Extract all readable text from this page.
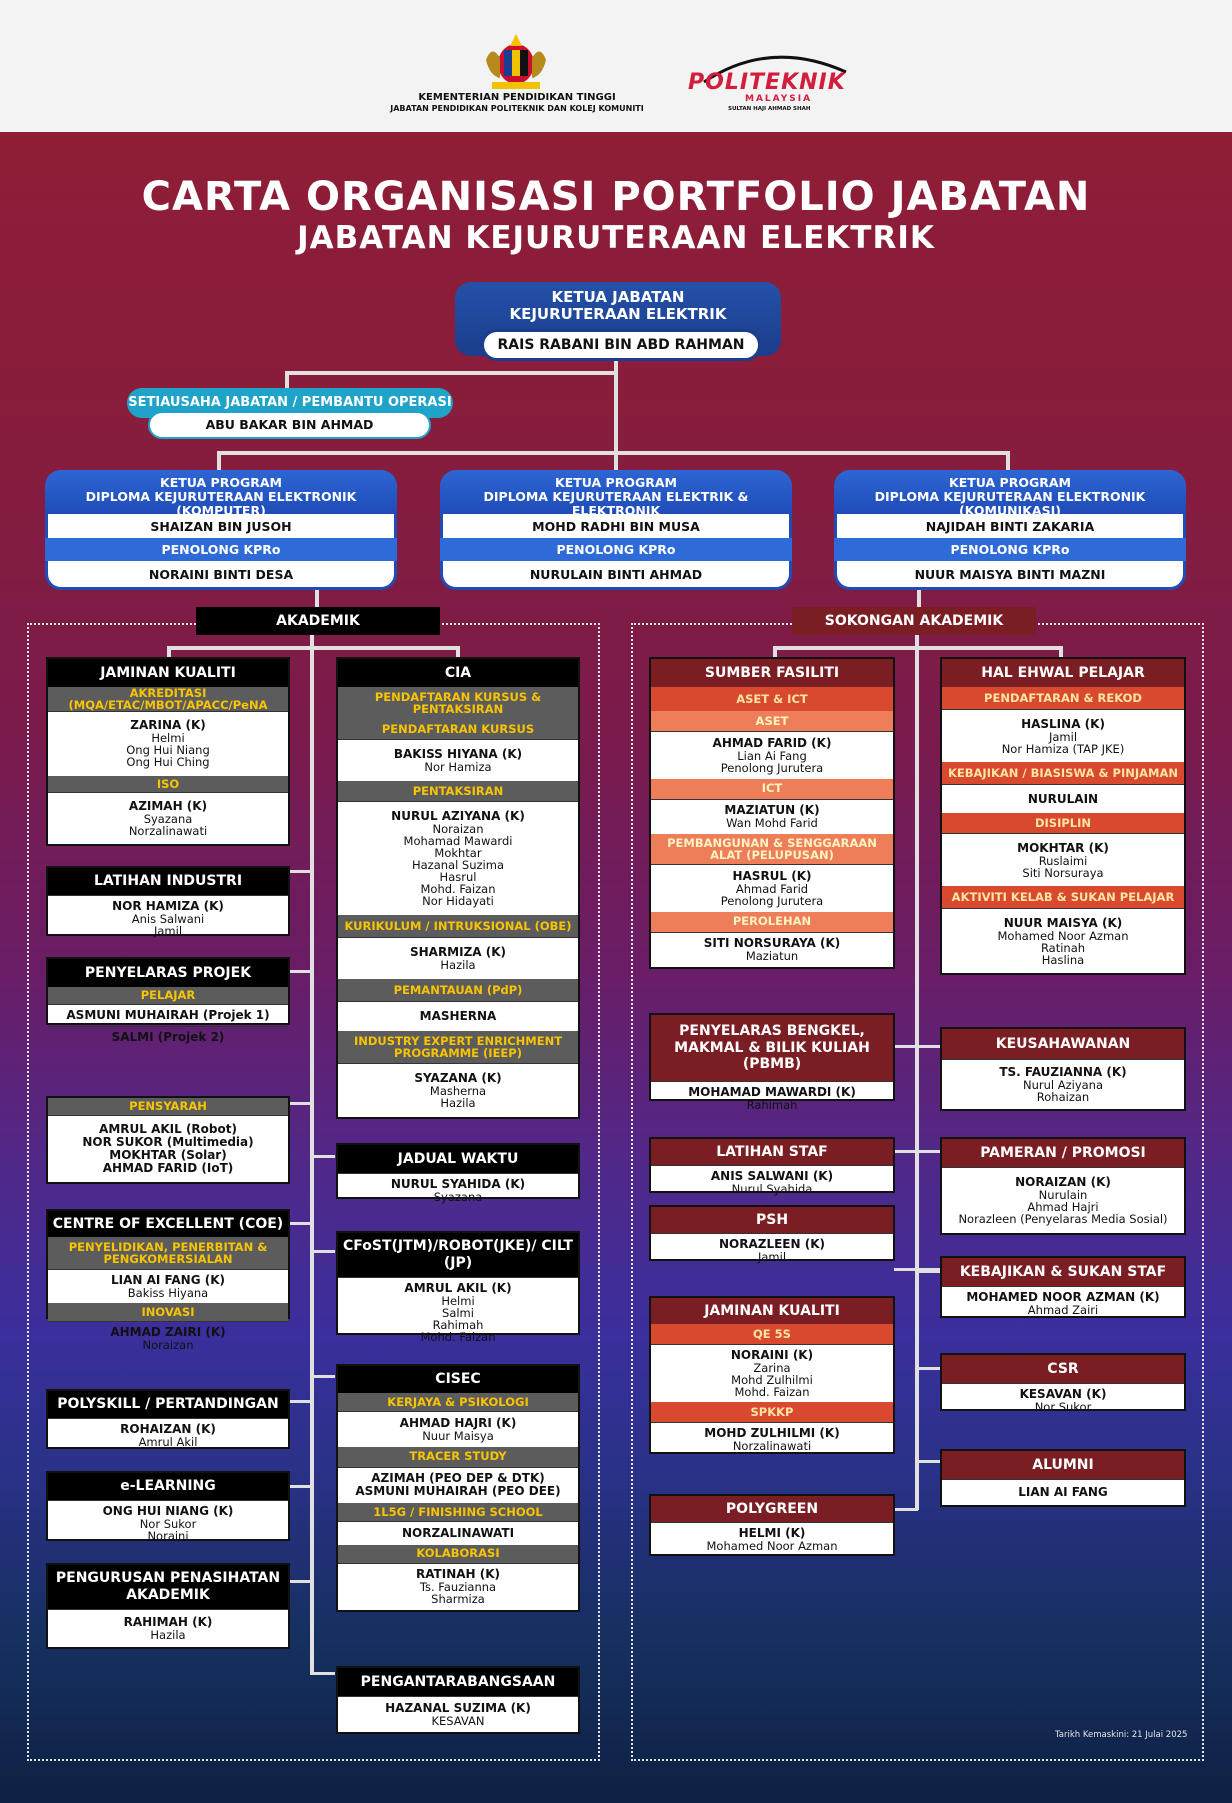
KEMENTERIAN PENDIDIKAN TINGGI
JABATAN PENDIDIKAN POLITEKNIK DAN KOLEJ KOMUNITI
POLITEKNIK
MALAYSIA
SULTAN HAJI AHMAD SHAH
CARTA ORGANISASI PORTFOLIO JABATAN
JABATAN KEJURUTERAAN ELEKTRIK
KETUA JABATAN
KEJURUTERAAN ELEKTRIK
RAIS RABANI BIN ABD RAHMAN
SETIAUSAHA JABATAN / PEMBANTU OPERASI
ABU BAKAR BIN AHMAD
KETUA PROGRAM
DIPLOMA KEJURUTERAAN ELEKTRONIK (KOMPUTER)
SHAIZAN BIN JUSOH
PENOLONG KPRo
NORAINI BINTI DESA
KETUA PROGRAM
DIPLOMA KEJURUTERAAN ELEKTRIK & ELEKTRONIK
MOHD RADHI BIN MUSA
PENOLONG KPRo
NURULAIN BINTI AHMAD
KETUA PROGRAM
DIPLOMA KEJURUTERAAN ELEKTRONIK (KOMUNIKASI)
NAJIDAH BINTI ZAKARIA
PENOLONG KPRo
NUUR MAISYA BINTI MAZNI
AKADEMIK	SOKONGAN AKADEMIK
JAMINAN KUALITI
AKREDITASI (MQA/ETAC/MBOT/APACC/PeNA
ZARINA (K)
Helmi
Ong Hui Niang
Ong Hui Ching
ISO
AZIMAH (K)
Syazana
Norzalinawati
LATIHAN INDUSTRI
NOR HAMIZA (K)
Anis Salwani
Jamil
PENYELARAS PROJEK
PELAJAR
ASMUNI MUHAIRAH (Projek 1)
SALMI (Projek 2)
PENSYARAH
AMRUL AKIL (Robot)
NOR SUKOR (Multimedia)
MOKHTAR (Solar)
AHMAD FARID (IoT)
CENTRE OF EXCELLENT (COE)
PENYELIDIKAN, PENERBITAN & PENGKOMERSIALAN
LIAN AI FANG (K)
Bakiss Hiyana
INOVASI
AHMAD ZAIRI (K)
Noraizan
POLYSKILL / PERTANDINGAN
ROHAIZAN (K)
Amrul Akil
e-LEARNING
ONG HUI NIANG (K)
Nor Sukor
Noraini
PENGURUSAN PENASIHATAN AKADEMIK
RAHIMAH (K)
Hazila
CIA
PENDAFTARAN KURSUS & PENTAKSIRAN
PENDAFTARAN KURSUS
BAKISS HIYANA (K)
Nor Hamiza
PENTAKSIRAN
NURUL AZIYANA (K)
Noraizan
Mohamad Mawardi
Mokhtar
Hazanal Suzima
Hasrul
Mohd. Faizan
Nor Hidayati
KURIKULUM / INTRUKSIONAL (OBE)
SHARMIZA (K)
Hazila
PEMANTAUAN (PdP)
MASHERNA
INDUSTRY EXPERT ENRICHMENT PROGRAMME (IEEP)
SYAZANA (K)
Masherna
Hazila
JADUAL WAKTU
NURUL SYAHIDA (K)
Syazana
CFoST(JTM)/ROBOT(JKE)/ CILT (JP)
AMRUL AKIL (K)
Helmi
Salmi
Rahimah
Mohd. Faizan
CISEC
KERJAYA & PSIKOLOGI
AHMAD HAJRI (K)
Nuur Maisya
TRACER STUDY
AZIMAH (PEO DEP & DTK)
ASMUNI MUHAIRAH (PEO DEE)
1L5G / FINISHING SCHOOL
NORZALINAWATI
KOLABORASI
RATINAH (K)
Ts. Fauzianna
Sharmiza
PENGANTARABANGSAAN
HAZANAL SUZIMA (K)
KESAVAN
SUMBER FASILITI
ASET & ICT
ASET
AHMAD FARID (K)
Lian Ai Fang
Penolong Jurutera
ICT
MAZIATUN (K)
Wan Mohd Farid
PEMBANGUNAN & SENGGARAAN ALAT (PELUPUSAN)
HASRUL (K)
Ahmad Farid
Penolong Jurutera
PEROLEHAN
SITI NORSURAYA (K)
Maziatun
PENYELARAS BENGKEL, MAKMAL & BILIK KULIAH (PBMB)
MOHAMAD MAWARDI (K)
Rahimah
LATIHAN STAF
ANIS SALWANI (K)
Nurul Syahida
PSH
NORAZLEEN (K)
Jamil
JAMINAN KUALITI
QE 5S
NORAINI (K)
Zarina
Mohd Zulhilmi
Mohd. Faizan
SPKKP
MOHD ZULHILMI (K)
Norzalinawati
POLYGREEN
HELMI (K)
Mohamed Noor Azman
HAL EHWAL PELAJAR
PENDAFTARAN & REKOD
HASLINA (K)
Jamil
Nor Hamiza (TAP JKE)
KEBAJIKAN / BIASISWA & PINJAMAN
NURULAIN
DISIPLIN
MOKHTAR (K)
Ruslaimi
Siti Norsuraya
AKTIVITI KELAB & SUKAN PELAJAR
NUUR MAISYA (K)
Mohamed Noor Azman
Ratinah
Haslina
KEUSAHAWANAN
TS. FAUZIANNA (K)
Nurul Aziyana
Rohaizan
PAMERAN / PROMOSI
NORAIZAN (K)
Nurulain
Ahmad Hajri
Norazleen (Penyelaras Media Sosial)
KEBAJIKAN & SUKAN STAF
MOHAMED NOOR AZMAN (K)
Ahmad Zairi
CSR
KESAVAN (K)
Nor Sukor
ALUMNI
LIAN AI FANG
Tarikh Kemaskini: 21 Julai 2025
